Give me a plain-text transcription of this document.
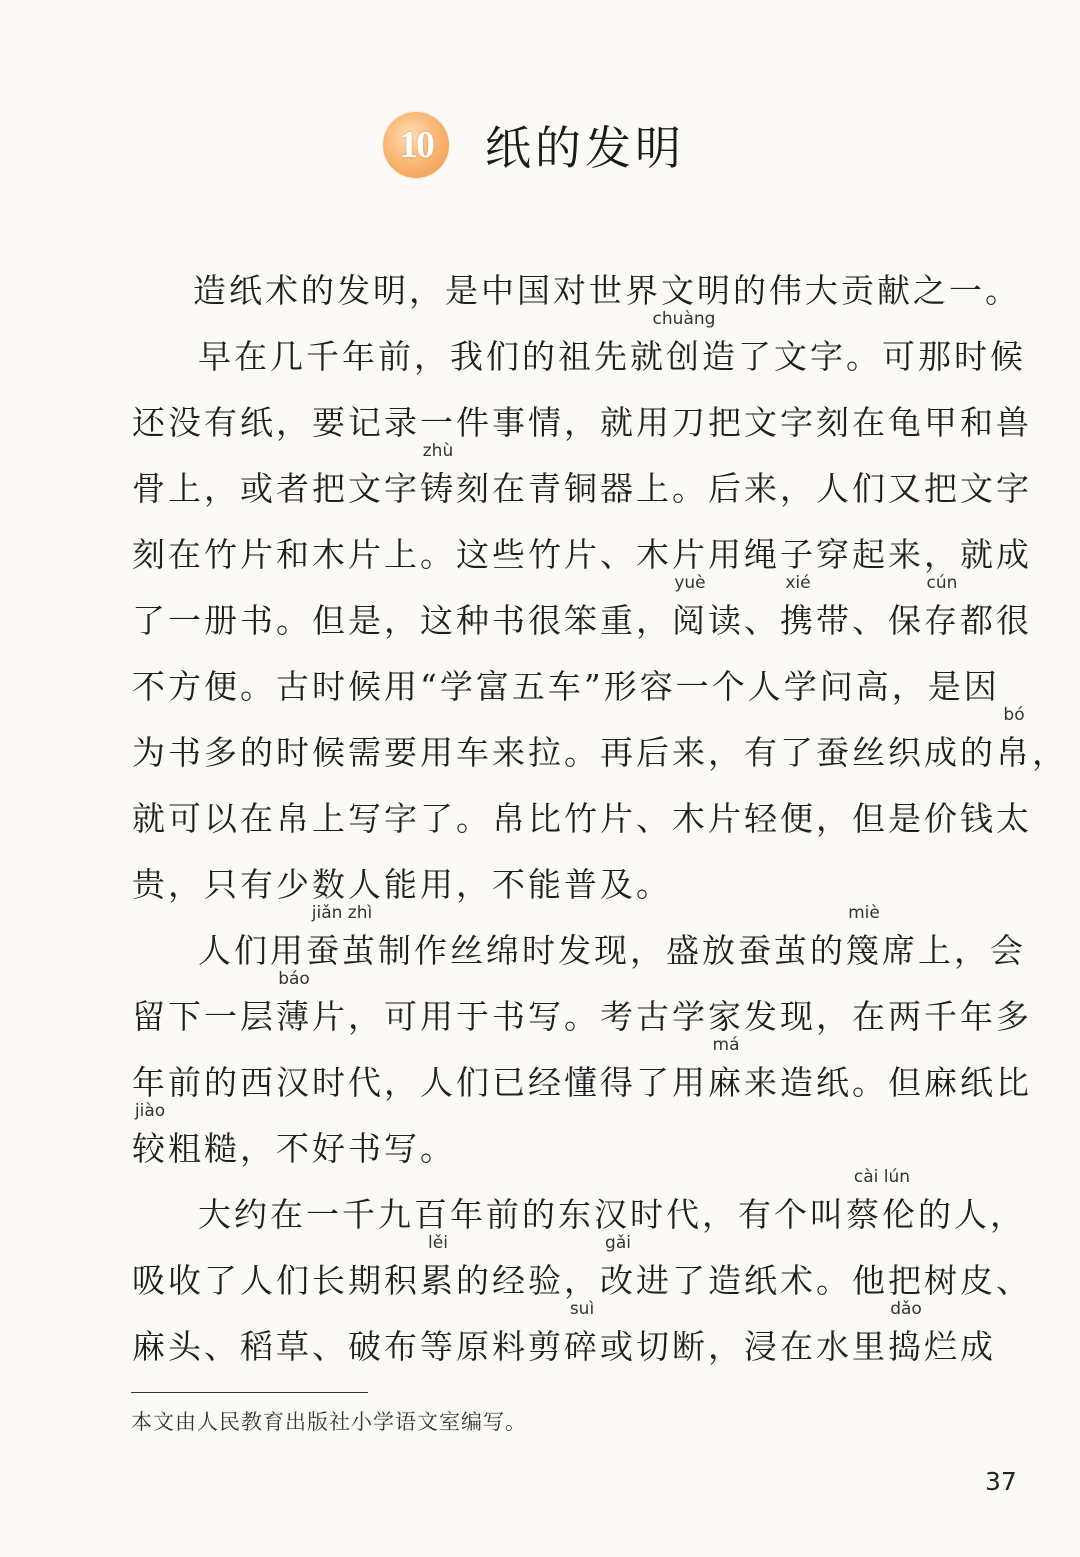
10 纸的发明
造纸术的发明，是中国对世界文明的伟大贡献之一。
早在几千年前，我们的祖先就
chuàng
创造了文字。可那时候
还没有纸，要记录一件事情，就用刀把文字刻在龟甲和兽
骨上，或者把文字
zhù
铸刻在青铜器上。后来，人们又把文字
刻在竹片和木片上。这些竹片、木片用绳子穿起来，就成
了一册书。但是，这种书很笨重，
yuè
阅读、
xié
携带、保
cún
存都很
不方便。古时候用“学富五车”形容一个人学问高，是因
为书多的时候需要用车来拉。再后来，有了蚕丝织成的
bó
帛，
就可以在帛上写字了。帛比竹片、木片轻便，但是价钱太
贵，只有少数人能用，不能普及。
人们用
jiǎn zhì
蚕茧制作丝绵时发现，盛放蚕茧的
miè
篾席上，会
留下一层
báo
薄片，可用于书写。考古学家发现，在两千年多
年前的西汉时代，人们已经懂得了用
má
麻来造纸。但麻纸比
jiào
较粗糙，不好书写。
大约在一千九百年前的东汉时代，有个叫
cài lún
蔡伦的人，
吸收了人们长期积
lěi
累的经验，
gǎi
改进了造纸术。他把树皮、
麻头、稻草、破布等原料剪
suì
碎或切断，浸在水里
dǎo
捣烂成
本文由人民教育出版社小学语文室编写。
37
